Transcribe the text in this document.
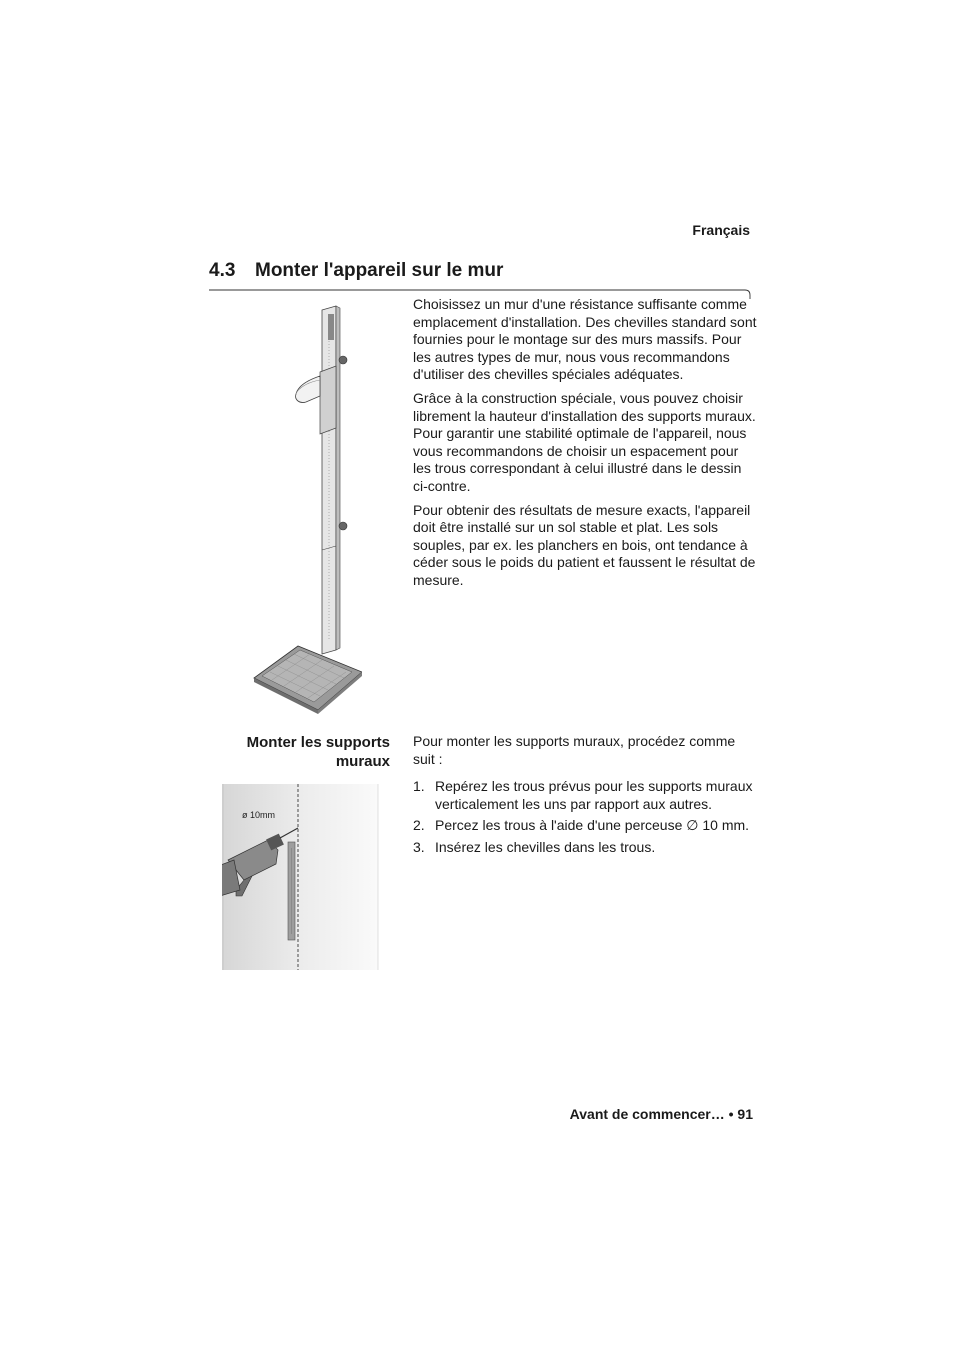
Français
4.3 Monter l'appareil sur le mur

Choisissez un mur d'une résistance suffisante comme emplacement d'installation. Des chevilles standard sont fournies pour le montage sur des murs massifs. Pour les autres types de mur, nous vous recommandons d'utiliser des chevilles spéciales adéquates.

Grâce à la construction spéciale, vous pouvez choisir librement la hauteur d'installation des supports muraux. Pour garantir une stabilité optimale de l'appareil, nous vous recommandons de choisir un espacement pour les trous correspondant à celui illustré dans le dessin ci-contre.

Pour obtenir des résultats de mesure exacts, l'appareil doit être installé sur un sol stable et plat. Les sols souples, par ex. les planchers en bois, ont tendance à céder sous le poids du patient et faussent le résultat de mesure.

Monter les supports
muraux
Pour monter les supports muraux, procédez comme suit :
1. Repérez les trous prévus pour les supports muraux verticalement les uns par rapport aux autres.
2. Percez les trous à l'aide d'une perceuse ∅ 10 mm.
3. Insérez les chevilles dans les trous.
ø 10mm
Avant de commencer… • 91
